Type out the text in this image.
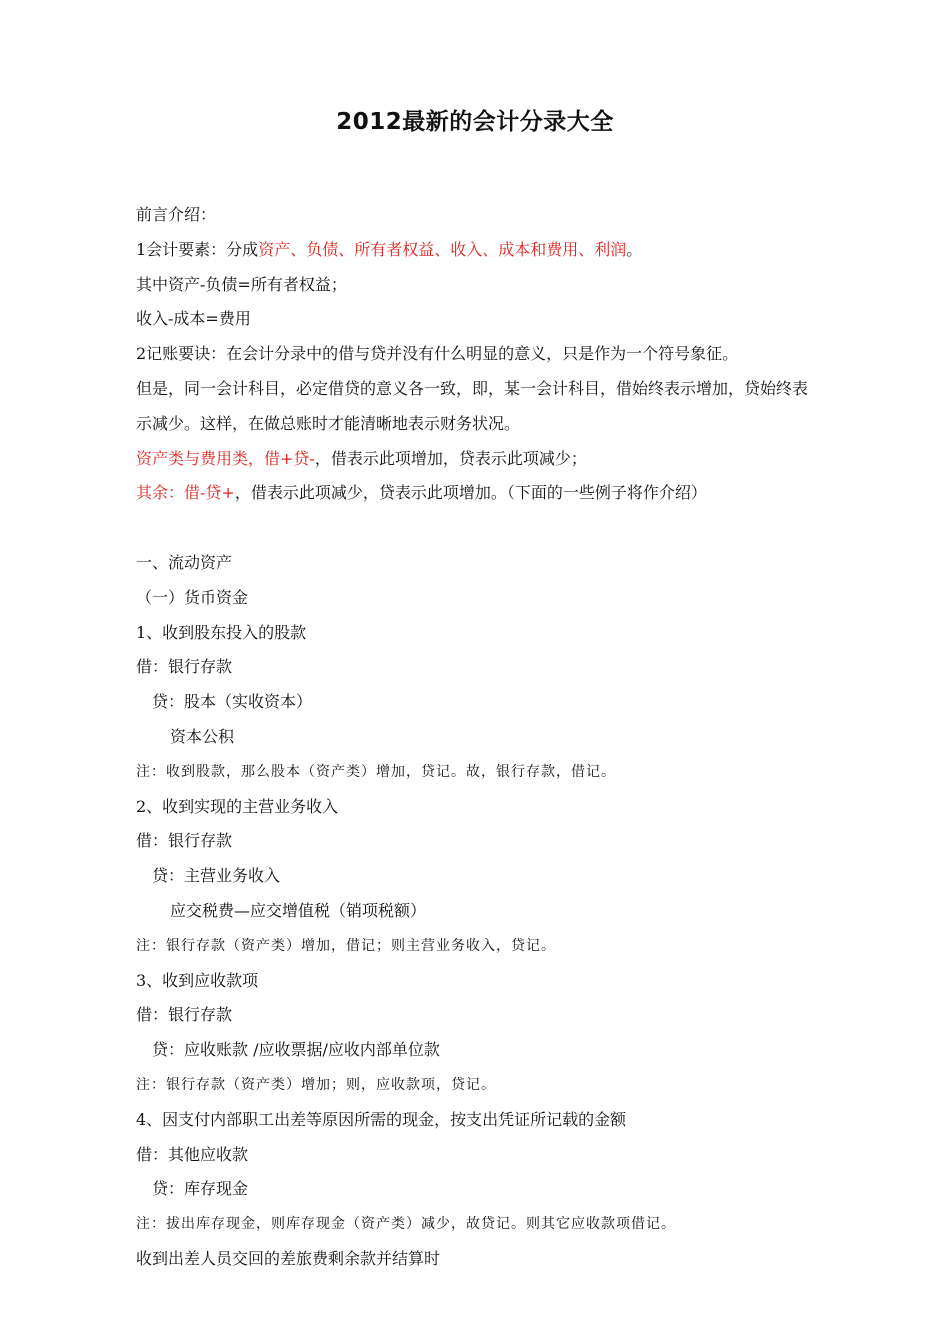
2012最新的会计分录大全
前言介绍：
1会计要素：分成资产、负债、所有者权益、收入、成本和费用、利润。
其中资产-负债=所有者权益；
收入-成本=费用
2记账要诀：在会计分录中的借与贷并没有什么明显的意义，只是作为一个符号象征。
但是，同一会计科目，必定借贷的意义各一致，即，某一会计科目，借始终表示增加，贷始终表示减少。这样，在做总账时才能清晰地表示财务状况。
资产类与费用类，借+贷-，借表示此项增加，贷表示此项减少；
其余：借-贷+，借表示此项减少，贷表示此项增加。（下面的一些例子将作介绍）
一、流动资产
（一）货币资金
1、收到股东投入的股款
借：银行存款
贷：股本（实收资本）
资本公积
注：收到股款，那么股本（资产类）增加，贷记。故，银行存款，借记。
2、收到实现的主营业务收入
借：银行存款
贷：主营业务收入
应交税费—应交增值税（销项税额）
注：银行存款（资产类）增加，借记；则主营业务收入，贷记。
3、收到应收款项
借：银行存款
贷：应收账款 /应收票据/应收内部单位款
注：银行存款（资产类）增加；则，应收款项，贷记。
4、因支付内部职工出差等原因所需的现金，按支出凭证所记载的金额
借：其他应收款
贷：库存现金
注：拔出库存现金，则库存现金（资产类）减少，故贷记。则其它应收款项借记。
收到出差人员交回的差旅费剩余款并结算时
